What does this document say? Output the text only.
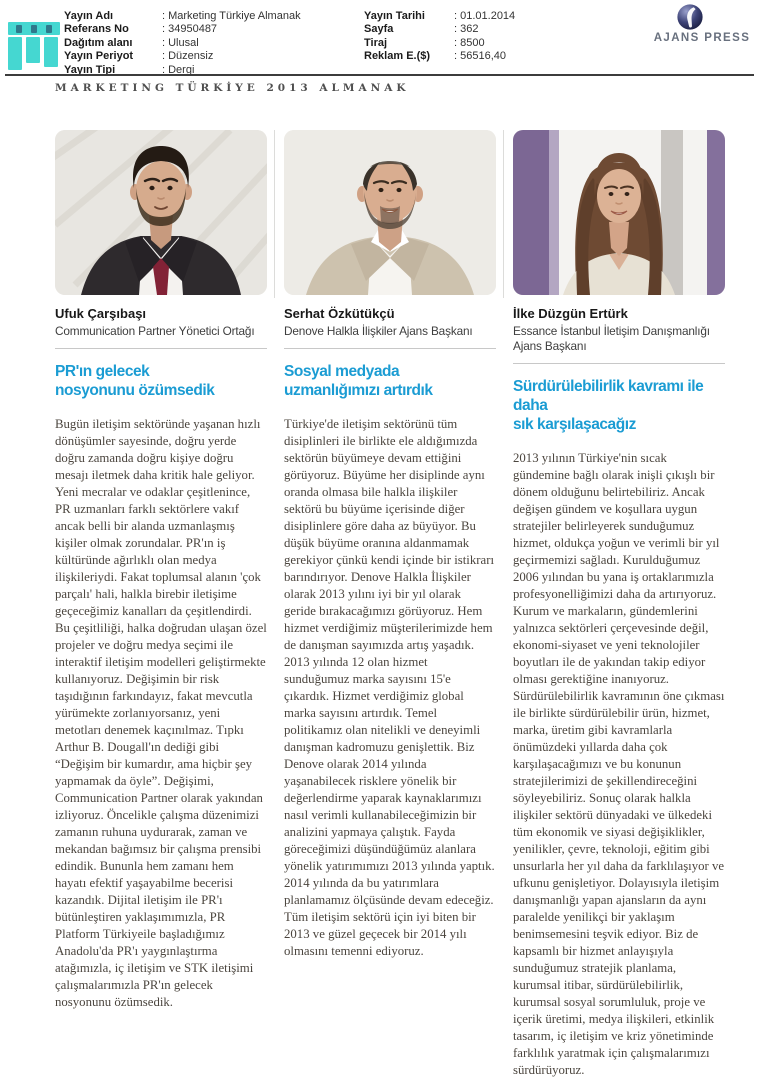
Yayın Adı	: Marketing Türkiye Almanak
Referans No	: 34950487
Dağıtım alanı	: Ulusal
Yayın Periyot	: Düzensiz
Yayın Tipi	: Dergi
Yayın Tarihi	: 01.01.2014
Sayfa	: 362
Tiraj	: 8500
Reklam E.($) : 56516,40
AJANS PRESS
MARKETING TÜRKİYE 2013 ALMANAK
Ufuk Çarşıbaşı
Communication Partner Yönetici Ortağı
PR'ın gelecek
nosyonunu özümsedik

Bugün iletişim sektöründe yaşanan hızlı dönüşümler sayesinde, doğru yerde doğru zamanda doğru kişiye doğru mesajı iletmek daha kritik hale geliyor. Yeni mecralar ve odaklar çeşitlenince, PR uzmanları farklı sektörlere vakıf ancak belli bir alanda uzmanlaşmış kişiler olmak zorundalar. PR'ın iş kültüründe ağırlıklı olan medya ilişkileriydi. Fakat toplumsal alanın 'çok parçalı' hali, halkla birebir iletişime geçeceğimiz kanalları da çeşitlendirdi. Bu çeşitliliği, halka doğrudan ulaşan özel projeler ve doğru medya seçimi ile interaktif iletişim modelleri geliştirmekte kullanıyoruz. Değişimin bir risk taşıdığının farkındayız, fakat mevcutla yürümekte zorlanıyorsanız, yeni metotları denemek kaçınılmaz. Tıpkı Arthur B. Dougall'ın dediği gibi “Değişim bir kumardır, ama hiçbir şey yapmamak da öyle”. Değişimi, Communication Partner olarak yakından izliyoruz. Öncelikle çalışma düzenimizi zamanın ruhuna uydurarak, zaman ve mekandan bağımsız bir çalışma prensibi edindik. Bununla hem zamanı hem hayatı efektif yaşayabilme becerisi kazandık. Dijital iletişim ile PR'ı bütünleştiren yaklaşımımızla, PR Platform Türkiyeile başladığımız Anadolu'da PR'ı yaygınlaştırma atağımızla, iç iletişim ve STK iletişimi çalışmalarımızla PR'ın gelecek nosyonunu özümsedik.

Serhat Özkütükçü
Denove Halkla İlişkiler Ajans Başkanı
Sosyal medyada
uzmanlığımızı artırdık

Türkiye'de iletişim sektörünü tüm disiplinleri ile birlikte ele aldığımızda sektörün büyümeye devam ettiğini görüyoruz. Büyüme her disiplinde aynı oranda olmasa bile halkla ilişkiler sektörü bu büyüme içerisinde diğer disiplinlere göre daha az büyüyor. Bu düşük büyüme oranına aldanmamak gerekiyor çünkü kendi içinde bir istikrarı barındırıyor. Denove Halkla İlişkiler olarak 2013 yılını iyi bir yıl olarak geride bırakacağımızı görüyoruz. Hem hizmet verdiğimiz müşterilerimizde hem de danışman sayımızda artış yaşadık. 2013 yılında 12 olan hizmet sunduğumuz marka sayısını 15'e çıkardık. Hizmet verdiğimiz global marka sayısını artırdık. Temel politikamız olan nitelikli ve deneyimli danışman kadromuzu genişlettik. Biz Denove olarak 2014 yılında yaşanabilecek risklere yönelik bir değerlendirme yaparak kaynaklarımızı nasıl verimli kullanabileceğimizin bir analizini yapmaya çalıştık. Fayda göreceğimizi düşündüğümüz alanlara yönelik yatırımımızı 2013 yılında yaptık. 2014 yılında da bu yatırımlara planlamamız ölçüsünde devam edeceğiz. Tüm iletişim sektörü için iyi biten bir 2013 ve güzel geçecek bir 2014 yılı olmasını temenni ediyoruz.

İlke Düzgün Ertürk
Essance İstanbul İletişim Danışmanlığı Ajans Başkanı
Sürdürülebilirlik kavramı ile daha
sık karşılaşacağız

2013 yılının Türkiye'nin sıcak gündemine bağlı olarak inişli çıkışlı bir dönem olduğunu belirtebiliriz. Ancak değişen gündem ve koşullara uygun stratejiler belirleyerek sunduğumuz hizmet, oldukça yoğun ve verimli bir yıl geçirmemizi sağladı. Kurulduğumuz 2006 yılından bu yana iş ortaklarımızla profesyonelliğimizi daha da artırıyoruz. Kurum ve markaların, gündemlerini yalnızca sektörleri çerçevesinde değil, ekonomi-siyaset ve yeni teknolojiler boyutları ile de yakından takip ediyor olması gerektiğine inanıyoruz. Sürdürülebilirlik kavramının öne çıkması ile birlikte sürdürülebilir ürün, hizmet, marka, üretim gibi kavramlarla önümüzdeki yıllarda daha çok karşılaşacağımızı ve bu konunun stratejilerimizi de şekillendireceğini söyleyebiliriz. Sonuç olarak halkla ilişkiler sektörü dünyadaki ve ülkedeki tüm ekonomik ve siyasi değişiklikler, yenilikler, çevre, teknoloji, eğitim gibi unsurlarla her yıl daha da farklılaşıyor ve ufkunu genişletiyor. Dolayısıyla iletişim danışmanlığı yapan ajansların da aynı paralelde yenilikçi bir yaklaşım benimsemesini teşvik ediyor. Biz de kapsamlı bir hizmet anlayışıyla sunduğumuz stratejik planlama, kurumsal itibar, sürdürülebilirlik, kurumsal sosyal sorumluluk, proje ve içerik üretimi, medya ilişkileri, etkinlik tasarım, iç iletişim ve kriz yönetiminde farklılık yaratmak için çalışmalarımızı sürdürüyoruz.
